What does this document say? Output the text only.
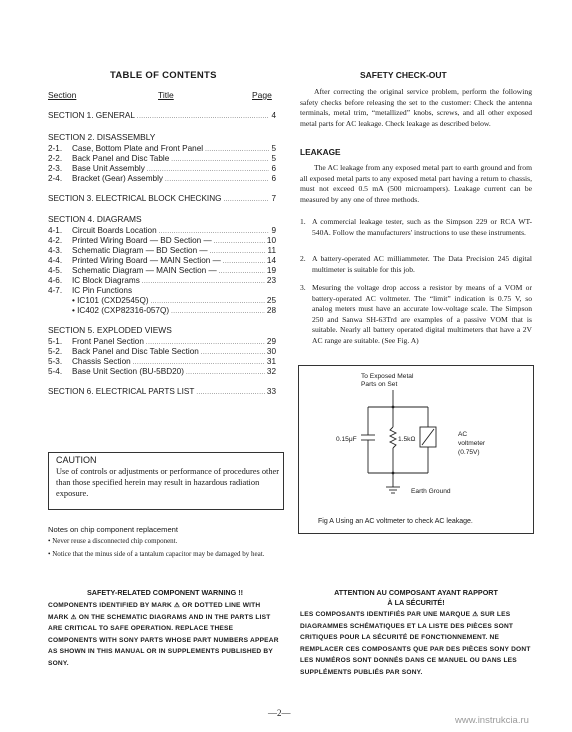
TABLE OF CONTENTS
Section	Title	Page
SECTION 1. GENERAL .....	4
SECTION 2. DISASSEMBLY
2-1.	Case, Bottom Plate and Front Panel .....	5
2-2.	Back Panel and Disc Table .....	5
2-3.	Base Unit Assembly .....	6
2-4.	Bracket (Gear) Assembly .....	6
SECTION 3. ELECTRICAL BLOCK CHECKING .....	7
SECTION 4. DIAGRAMS
4-1.	Circuit Boards Location .....	9
4-2.	Printed Wiring Board — BD Section — .....	10
4-3.	Schematic Diagram — BD Section — .....	11
4-4.	Printed Wiring Board — MAIN Section — .....	14
4-5.	Schematic Diagram — MAIN Section — .....	19
4-6.	IC Block Diagrams .....	23
4-7.	IC Pin Functions
• IC101 (CXD2545Q) .....	25
• IC402 (CXP82316-057Q) .....	28
SECTION 5. EXPLODED VIEWS
5-1.	Front Panel Section .....	29
5-2.	Back Panel and Disc Table Section .....	30
5-3.	Chassis Section .....	31
5-4.	Base Unit Section (BU-5BD20) .....	32
SECTION 6. ELECTRICAL PARTS LIST .....	33
CAUTION
Use of controls or adjustments or performance of procedures other than those specified herein may result in hazardous radiation exposure.
Notes on chip component replacement
• Never reuse a disconnected chip component.
• Notice that the minus side of a tantalum capacitor may be damaged by heat.
SAFETY-RELATED COMPONENT WARNING !!
COMPONENTS IDENTIFIED BY MARK ⚠ OR DOTTED LINE WITH MARK ⚠ ON THE SCHEMATIC DIAGRAMS AND IN THE PARTS LIST ARE CRITICAL TO SAFE OPERATION. REPLACE THESE COMPONENTS WITH SONY PARTS WHOSE PART NUMBERS APPEAR AS SHOWN IN THIS MANUAL OR IN SUPPLEMENTS PUBLISHED BY SONY.
SAFETY CHECK-OUT
After correcting the original service problem, perform the following safety checks before releasing the set to the customer: Check the antenna terminals, metal trim, “metallized” knobs, screws, and all other exposed metal parts for AC leakage. Check leakage as described below.
LEAKAGE
The AC leakage from any exposed metal part to earth ground and from all exposed metal parts to any exposed metal part having a return to chassis, must not exceed 0.5 mA (500 microampers). Leakage current can be measured by any one of three methods.
1. A commercial leakage tester, such as the Simpson 229 or RCA WT-540A. Follow the manufacturers' instructions to use these instruments.
2. A battery-operated AC milliammeter. The Data Precision 245 digital multimeter is suitable for this job.
3. Mesuring the voltage drop accoss a resistor by means of a VOM or battery-operated AC voltmeter. The “limit” indication is 0.75 V, so analog meters must have an accurate low-voltage scale. The Simpson 250 and Sanwa SH-63Trd are examples of a passive VOM that is suitable. Nearly all battery operated digital multimeters that have a 2V AC range are suitable. (See Fig. A)
To Exposed Metal
Parts on Set
0.15μF	1.5kΩ
AC
voltmeter
(0.75V)
Earth Ground
Fig A Using an AC voltmeter to check AC leakage.
ATTENTION AU COMPOSANT AYANT RAPPORT
À LA SÉCURITÉ!
LES COMPOSANTS IDENTIFIÉS PAR UNE MARQUE ⚠ SUR LES DIAGRAMMES SCHÉMATIQUES ET LA LISTE DES PIÈCES SONT CRITIQUES POUR LA SÉCURITÉ DE FONCTIONNEMENT. NE REMPLACER CES COMPOSANTS QUE PAR DES PIÈCES SONY DONT LES NUMÉROS SONT DONNÉS DANS CE MANUEL OU DANS LES SUPPLÉMENTS PUBLIÉS PAR SONY.
—2—
www.instrukcia.ru
